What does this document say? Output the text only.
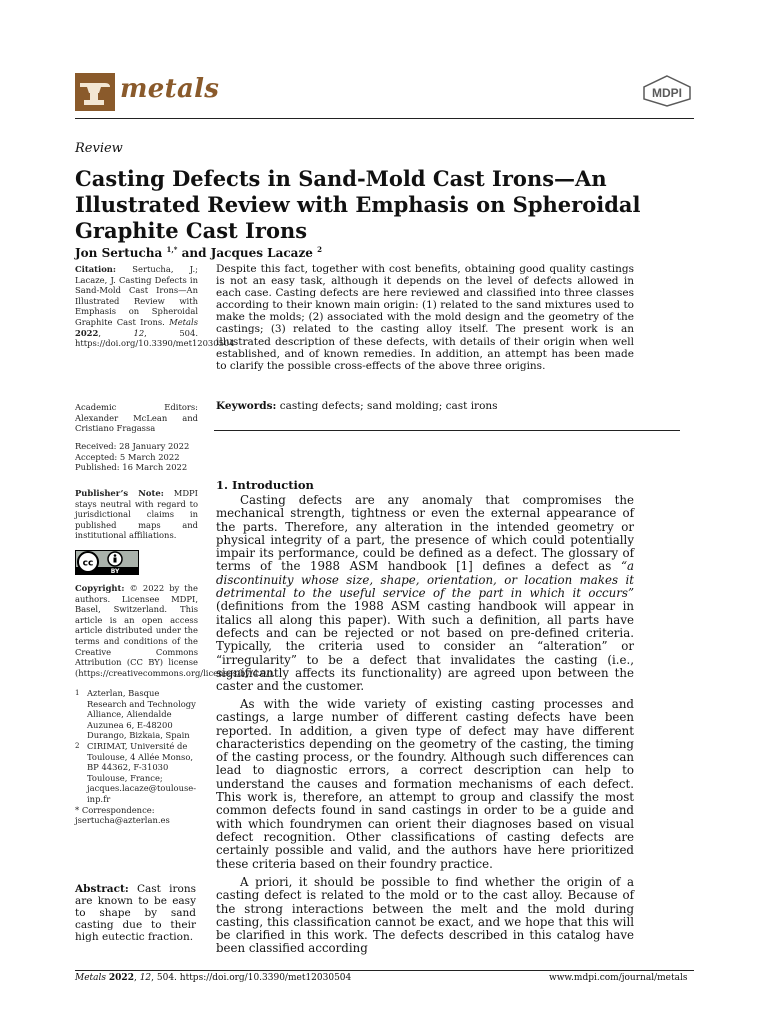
metals	MDPI
Review
Casting Defects in Sand-Mold Cast Irons—An Illustrated Review with Emphasis on Spheroidal Graphite Cast Irons
Jon Sertucha $^{1,*}$ and Jacques Lacaze $^2$
Citation: Sertucha, J.; Lacaze, J. Casting Defects in Sand-Mold Cast Irons—An Illustrated Review with Emphasis on Spheroidal Graphite Cast Irons. Metals 2022, 12, 504. https://doi.org/10.3390/met12030504
Academic Editors: Alexander McLean and Cristiano Fragassa
Received: 28 January 2022
Accepted: 5 March 2022
Published: 16 March 2022
Publisher’s Note: MDPI stays neutral with regard to jurisdictional claims in published maps and institutional affiliations.
cc
BY
Copyright: © 2022 by the authors. Licensee MDPI, Basel, Switzerland. This article is an open access article distributed under the terms and conditions of the Creative Commons Attribution (CC BY) license (https://creativecommons.org/licenses/by/4.0/).
1 Azterlan, Basque Research and Technology Alliance, Aliendalde Auzunea 6, E-48200 Durango, Bizkaia, Spain
2 CIRIMAT, Université de Toulouse, 4 Allée Monso, BP 44362, F-31030 Toulouse, France; jacques.lacaze@toulouse-inp.fr
* Correspondence: jsertucha@azterlan.es
Abstract: Cast irons are known to be easy to shape by sand casting due to their high eutectic fraction.
Despite this fact, together with cost benefits, obtaining good quality castings is not an easy task, although it depends on the level of defects allowed in each case. Casting defects are here reviewed and classified into three classes according to their known main origin: (1) related to the sand mixtures used to make the molds; (2) associated with the mold design and the geometry of the castings; (3) related to the casting alloy itself. The present work is an illustrated description of these defects, with details of their origin when well established, and of known remedies. In addition, an attempt has been made to clarify the possible cross-effects of the above three origins.
Keywords: casting defects; sand molding; cast irons
1. Introduction
Casting defects are any anomaly that compromises the mechanical strength, tightness or even the external appearance of the parts. Therefore, any alteration in the intended geometry or physical integrity of a part, the presence of which could potentially impair its performance, could be defined as a defect. The glossary of terms of the 1988 ASM handbook [1] defines a defect as “a discontinuity whose size, shape, orientation, or location makes it detrimental to the useful service of the part in which it occurs” (definitions from the 1988 ASM casting handbook will appear in italics all along this paper). With such a definition, all parts have defects and can be rejected or not based on pre-defined criteria. Typically, the criteria used to consider an “alteration” or “irregularity” to be a defect that invalidates the casting (i.e., significantly affects its functionality) are agreed upon between the caster and the customer.
As with the wide variety of existing casting processes and castings, a large number of different casting defects have been reported. In addition, a given type of defect may have different characteristics depending on the geometry of the casting, the timing of the casting process, or the foundry. Although such differences can lead to diagnostic errors, a correct description can help to understand the causes and formation mechanisms of each defect. This work is, therefore, an attempt to group and classify the most common defects found in sand castings in order to be a guide and with which foundrymen can orient their diagnoses based on visual defect recognition. Other classifications of casting defects are certainly possible and valid, and the authors have here prioritized these criteria based on their foundry practice.
A priori, it should be possible to find whether the origin of a casting defect is related to the mold or to the cast alloy. Because of the strong interactions between the melt and the mold during casting, this classification cannot be exact, and we hope that this will be clarified in this work. The defects described in this catalog have been classified according
Metals 2022, 12, 504. https://doi.org/10.3390/met12030504	www.mdpi.com/journal/metals
